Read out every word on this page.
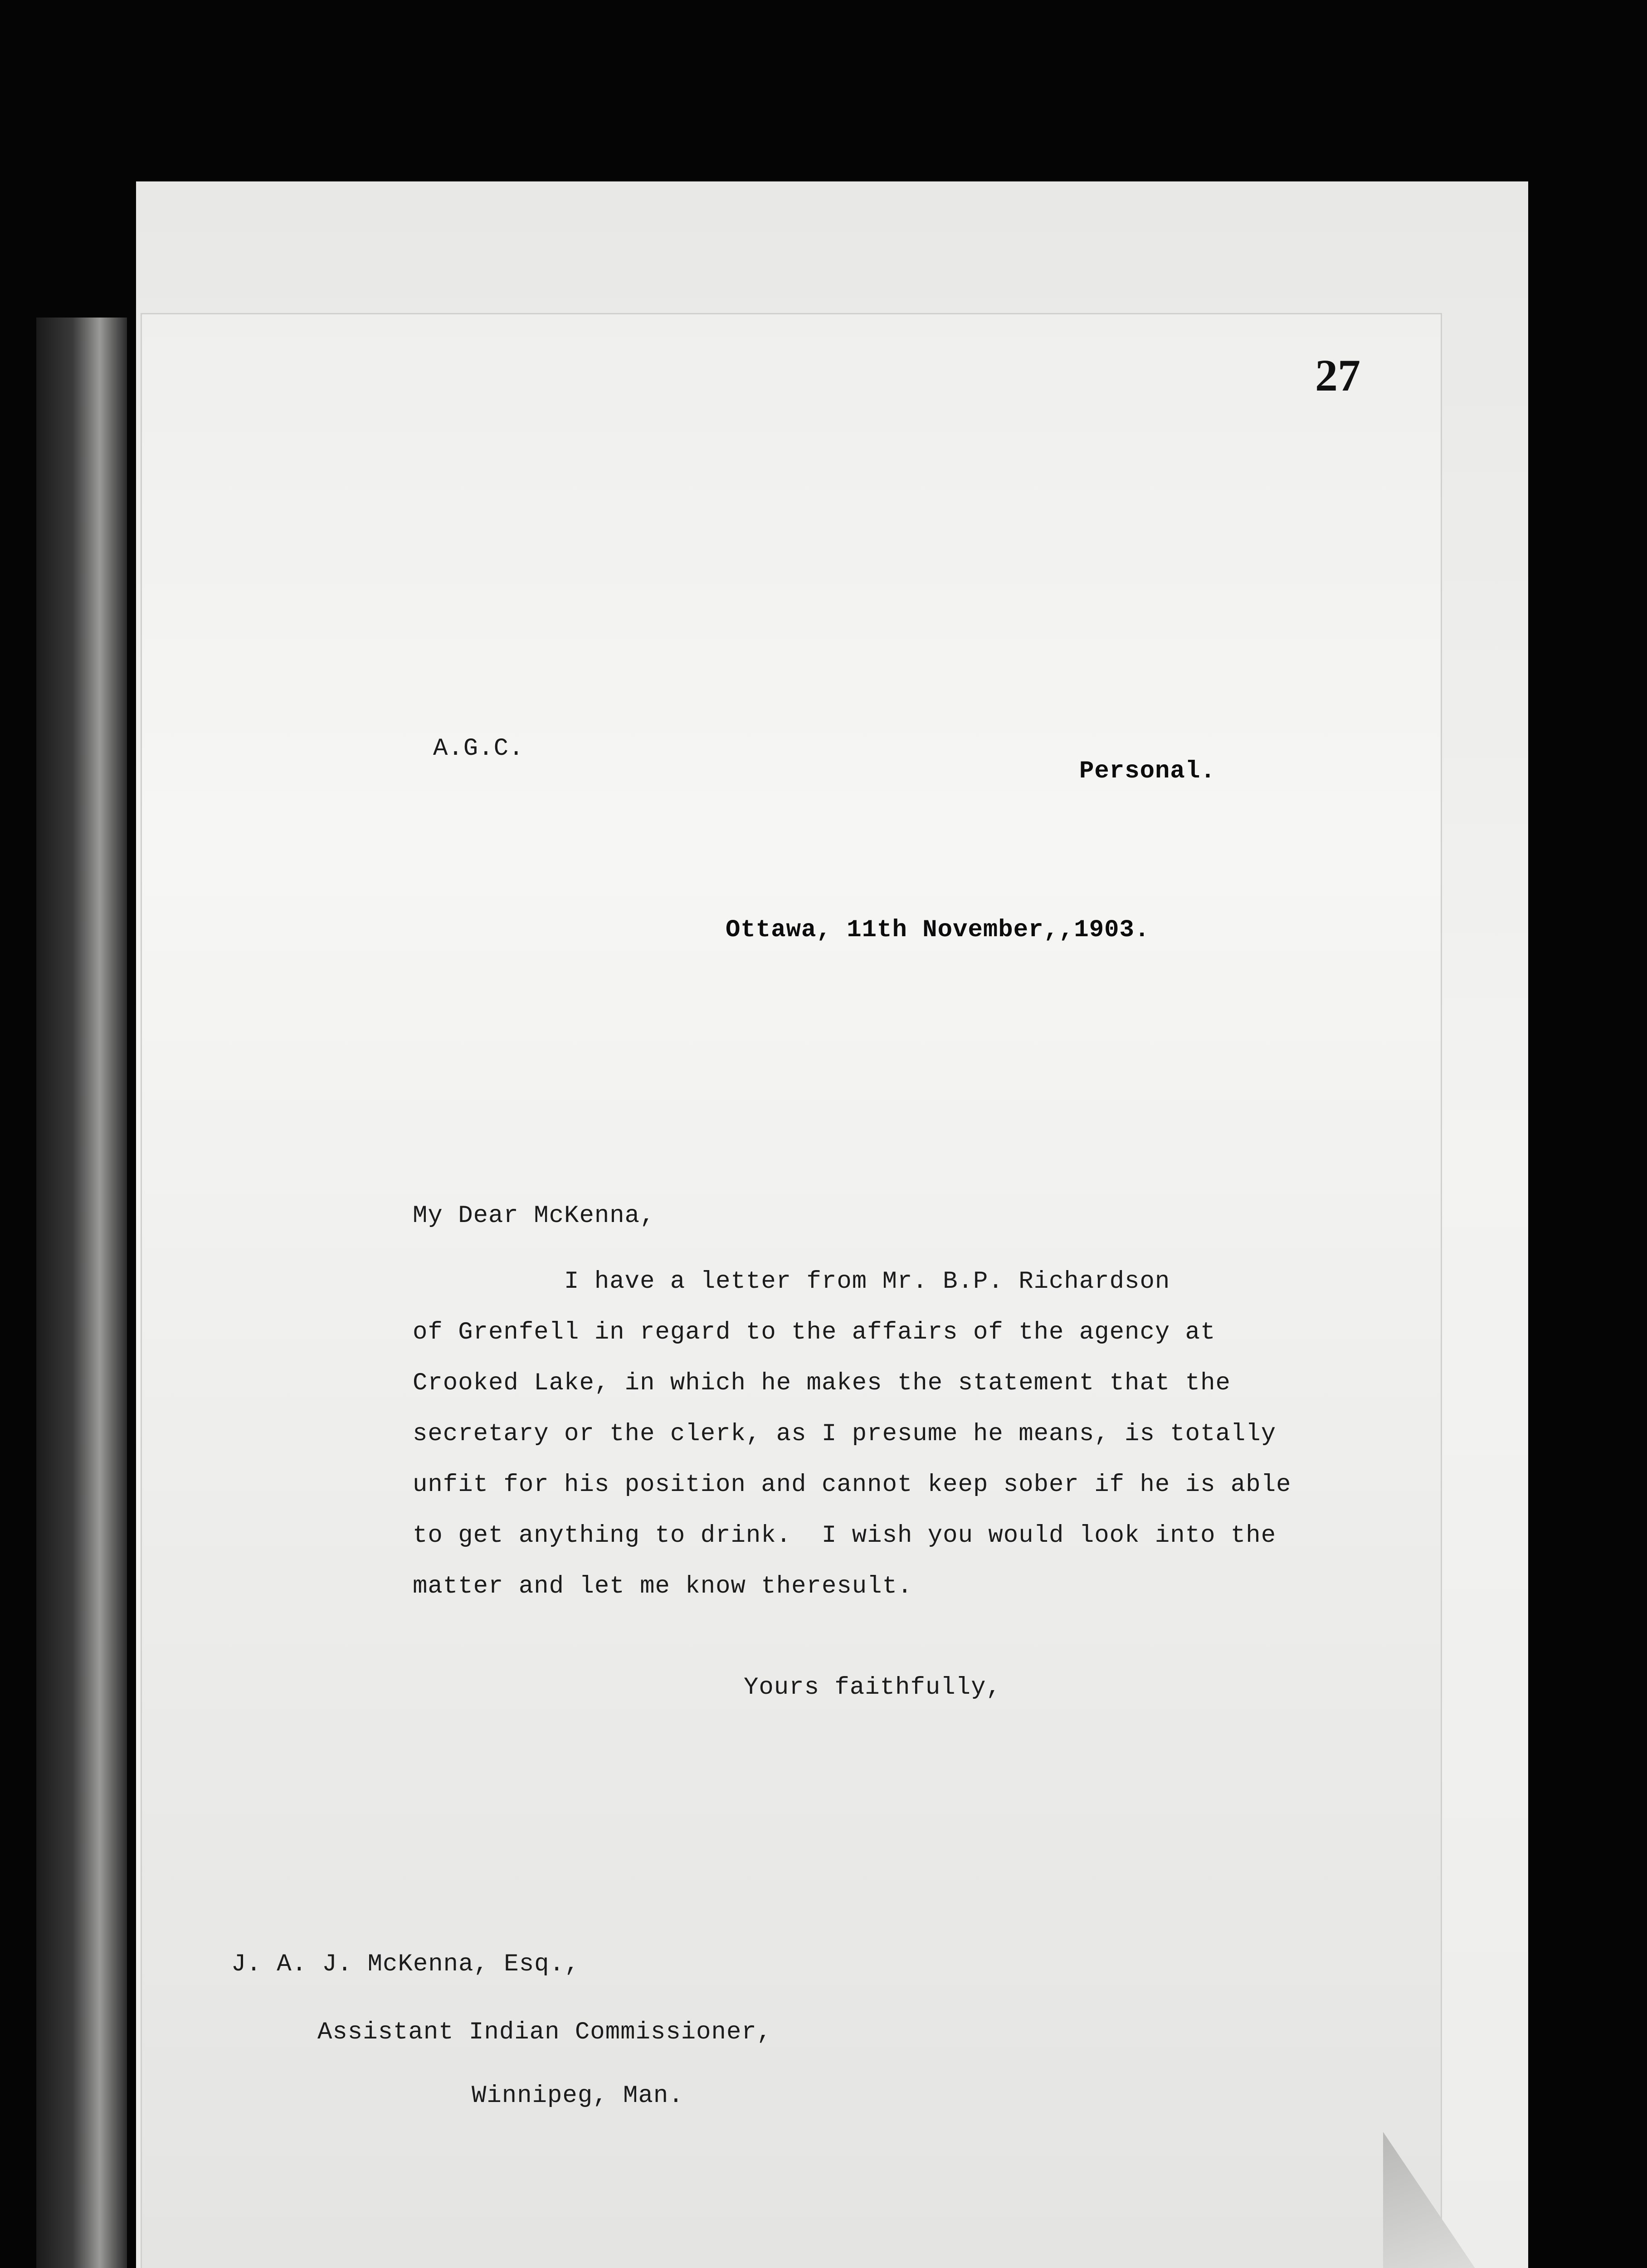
27
A.G.C.
Personal.
Ottawa, 11th November,,1903.
My Dear McKenna,
I have a letter from Mr. B.P. Richardson
of Grenfell in regard to the affairs of the agency at
Crooked Lake, in which he makes the statement that the
secretary or the clerk, as I presume he means, is totally
unfit for his position and cannot keep sober if he is able
to get anything to drink.  I wish you would look into the
matter and let me know theresult.
Yours faithfully,
J. A. J. McKenna, Esq.,
Assistant Indian Commissioner,
Winnipeg, Man.
